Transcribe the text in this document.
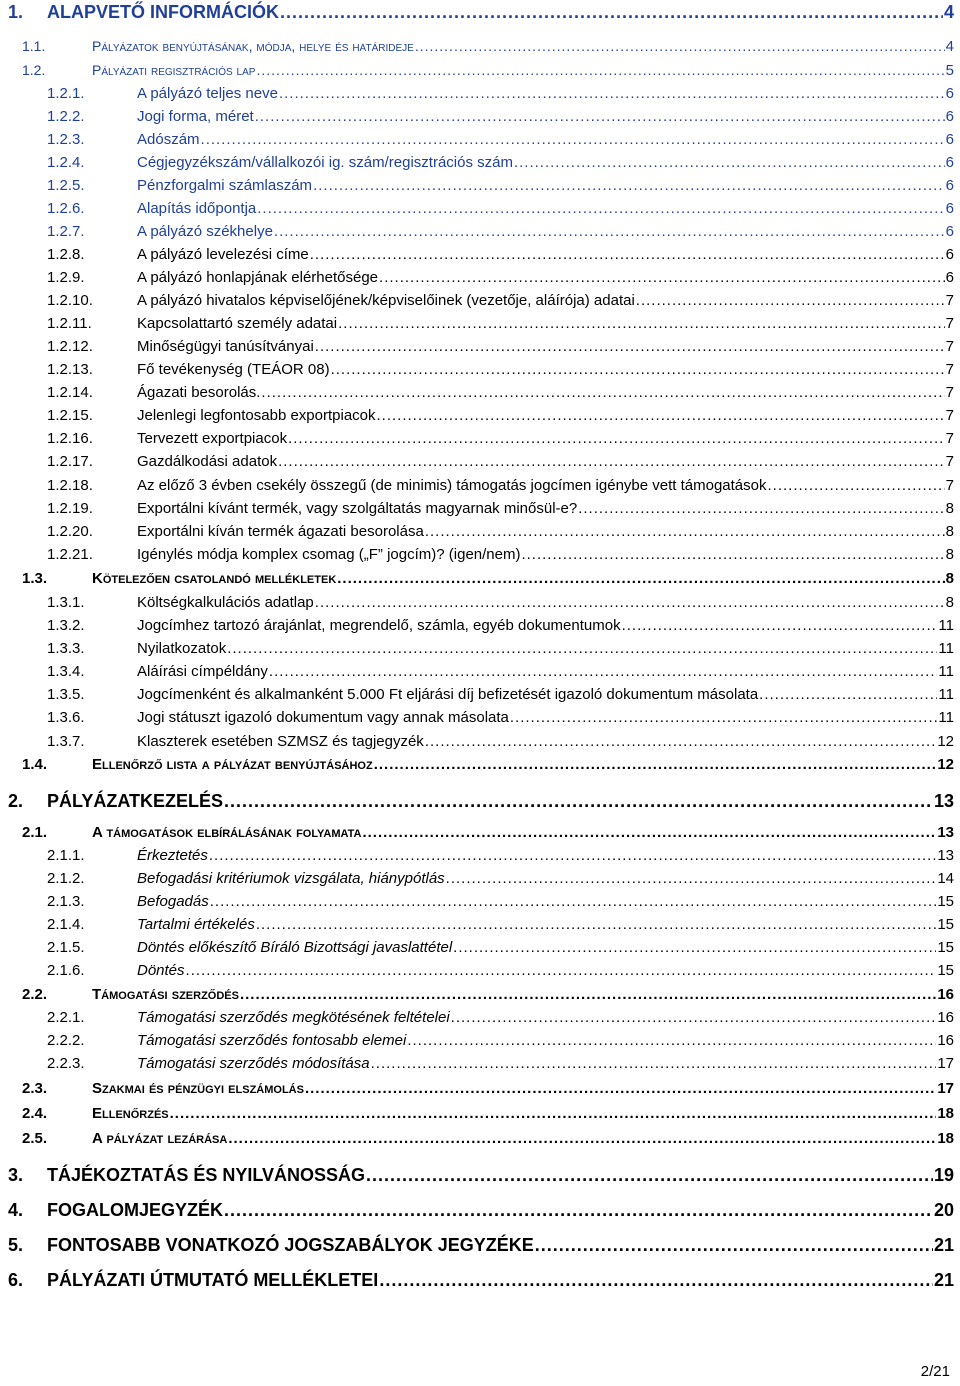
1. ALAPVETŐ INFORMÁCIÓK .....	4
1.1.	Pályázatok benyújtásának, módja, helye és határideje .....	4
1.2.	Pályázati regisztrációs lap .....	5
1.2.1.	A pályázó teljes neve .....	6
1.2.2.	Jogi forma, méret .....	6
1.2.3.	Adószám .....	6
1.2.4.	Cégjegyzékszám/vállalkozói ig. szám/regisztrációs szám .....	6
1.2.5.	Pénzforgalmi számlaszám .....	6
1.2.6.	Alapítás időpontja .....	6
1.2.7.	A pályázó székhelye .....	6
1.2.8.	A pályázó levelezési címe .....	6
1.2.9.	A pályázó honlapjának elérhetősége .....	6
1.2.10.	A pályázó hivatalos képviselőjének/képviselőinek (vezetője, aláírója) adatai .....	7
1.2.11.	Kapcsolattartó személy adatai .....	7
1.2.12.	Minőségügyi tanúsítványai .....	7
1.2.13.	Fő tevékenység (TEÁOR 08) .....	7
1.2.14.	Ágazati besorolás. .....	7
1.2.15.	Jelenlegi legfontosabb exportpiacok .....	7
1.2.16.	Tervezett exportpiacok .....	7
1.2.17.	Gazdálkodási adatok .....	7
1.2.18.	Az előző 3 évben csekély összegű (de minimis) támogatás jogcímen igénybe vett támogatások .....	7
1.2.19.	Exportálni kívánt termék, vagy szolgáltatás magyarnak minősül-e? .....	8
1.2.20.	Exportálni kíván termék ágazati besorolása .....	8
1.2.21.	Igénylés módja komplex csomag („F” jogcím)? (igen/nem) .....	8
1.3.	Kötelezően csatolandó mellékletek .....	8
1.3.1.	Költségkalkulációs adatlap .....	8
1.3.2.	Jogcímhez tartozó árajánlat, megrendelő, számla, egyéb dokumentumok .....	11
1.3.3.	Nyilatkozatok .....	11
1.3.4.	Aláírási címpéldány .....	11
1.3.5.	Jogcímenként és alkalmanként 5.000 Ft eljárási díj befizetését igazoló dokumentum másolata .....	11
1.3.6.	Jogi státuszt igazoló dokumentum vagy annak másolata .....	11
1.3.7.	Klaszterek esetében SZMSZ és tagjegyzék .....	12
1.4.	Ellenőrző lista a pályázat benyújtásához .....	12
2. PÁLYÁZATKEZELÉS .....	13
2.1.	A támogatások elbírálásának folyamata .....	13
2.1.1.	Érkeztetés .....	13
2.1.2.	Befogadási kritériumok vizsgálata, hiánypótlás .....	14
2.1.3.	Befogadás .....	15
2.1.4.	Tartalmi értékelés .....	15
2.1.5.	Döntés előkészítő Bíráló Bizottsági javaslattétel .....	15
2.1.6.	Döntés .....	15
2.2.	Támogatási szerződés .....	16
2.2.1.	Támogatási szerződés megkötésének feltételei .....	16
2.2.2.	Támogatási szerződés fontosabb elemei .....	16
2.2.3.	Támogatási szerződés módosítása .....	17
2.3.	Szakmai és pénzügyi elszámolás .....	17
2.4.	Ellenőrzés .....	18
2.5.	A pályázat lezárása .....	18
3. TÁJÉKOZTATÁS ÉS NYILVÁNOSSÁG .....	19
4. FOGALOMJEGYZÉK .....	20
5. FONTOSABB VONATKOZÓ JOGSZABÁLYOK JEGYZÉKE .....	21
6. PÁLYÁZATI ÚTMUTATÓ MELLÉKLETEI .....	21
2/21
